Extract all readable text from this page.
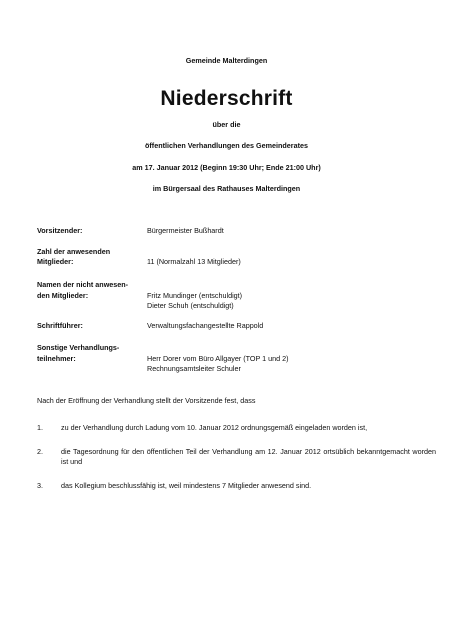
Gemeinde Malterdingen
Niederschrift
über die
öffentlichen Verhandlungen des Gemeinderates
am 17. Januar 2012 (Beginn 19:30 Uhr; Ende 21:00 Uhr)
im Bürgersaal des Rathauses Malterdingen
Vorsitzender:	Bürgermeister Bußhardt
Zahl der anwesenden
Mitglieder:	11 (Normalzahl 13 Mitglieder)
Namen der nicht anwesen-
den Mitglieder:	Fritz Mundinger (entschuldigt)
Dieter Schuh (entschuldigt)
Schriftführer:	Verwaltungsfachangestellte Rappold
Sonstige Verhandlungs-
teilnehmer:	Herr Dorer vom Büro Allgayer (TOP 1 und 2)
Rechnungsamtsleiter Schuler
Nach der Eröffnung der Verhandlung stellt der Vorsitzende fest, dass
1.	zu der Verhandlung durch Ladung vom 10. Januar 2012 ordnungsgemäß eingeladen worden ist,
2.	die Tagesordnung für den öffentlichen Teil der Verhandlung am 12. Januar 2012 ortsüblich bekanntgemacht worden ist und
3.	das Kollegium beschlussfähig ist, weil mindestens 7 Mitglieder anwesend sind.
